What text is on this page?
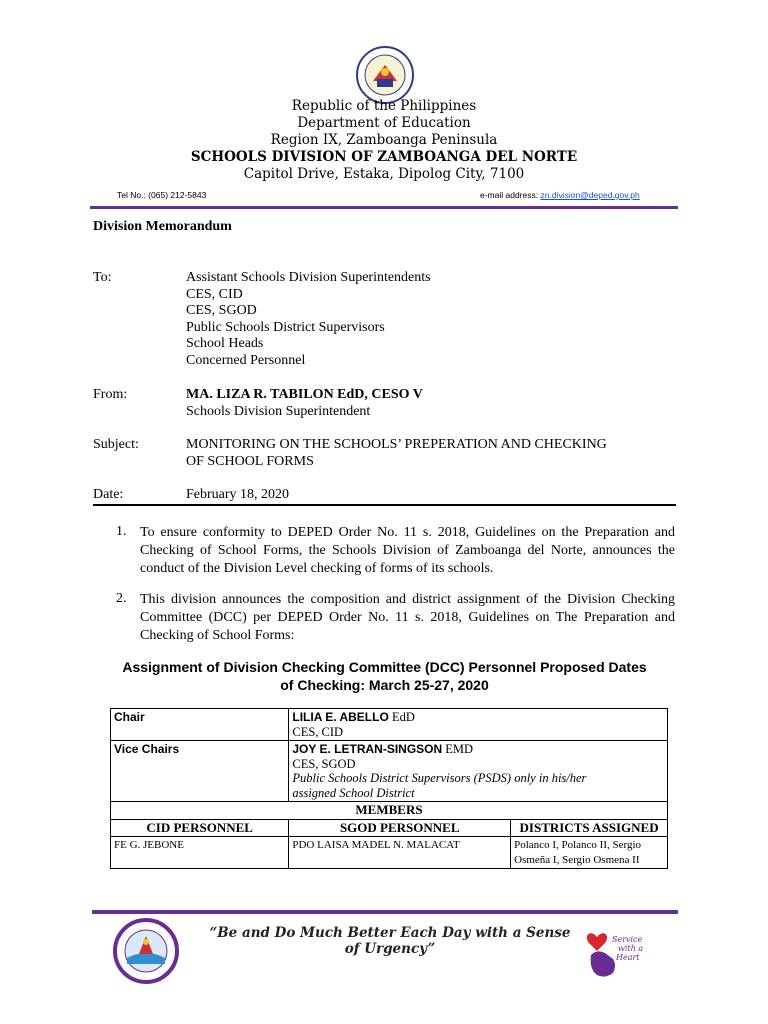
Republic of the Philippines
Department of Education
Region IX, Zamboanga Peninsula
SCHOOLS DIVISION OF ZAMBOANGA DEL NORTE
Capitol Drive, Estaka, Dipolog City, 7100
Tel No.: (065) 212-5843	e-mail address: zn.division@deped.gov.ph
Division Memorandum
To:	Assistant Schools Division Superintendents
CES, CID
CES, SGOD
Public Schools District Supervisors
School Heads
Concerned Personnel
From:	MA. LIZA R. TABILON EdD, CESO V
Schools Division Superintendent
Subject:	MONITORING ON THE SCHOOLS’ PREPERATION AND CHECKING
OF SCHOOL FORMS
Date:	February 18, 2020
1. To ensure conformity to DEPED Order No. 11 s. 2018, Guidelines on the Preparation and Checking of School Forms, the Schools Division of Zamboanga del Norte, announces the conduct of the Division Level checking of forms of its schools.
2. This division announces the composition and district assignment of the Division Checking Committee (DCC) per DEPED Order No. 11 s. 2018, Guidelines on The Preparation and Checking of School Forms:
Assignment of Division Checking Committee (DCC) Personnel Proposed Dates
of Checking: March 25-27, 2020
Chair	LILIA E. ABELLO EdD
CES, CID	
Vice Chairs	JOY E. LETRAN-SINGSON EMD
CES, SGOD
Public Schools District Supervisors (PSDS) only in his/her assigned School District	
MEMBERS		
CID PERSONNEL	SGOD PERSONNEL	DISTRICTS ASSIGNED
FE G. JEBONE	PDO LAISA MADEL N. MALACAT	Polanco I, Polanco II, Sergio Osmeña I, Sergio Osmena II
“Be and Do Much Better Each Day with a Sense of Urgency”
Service
with a
Heart
